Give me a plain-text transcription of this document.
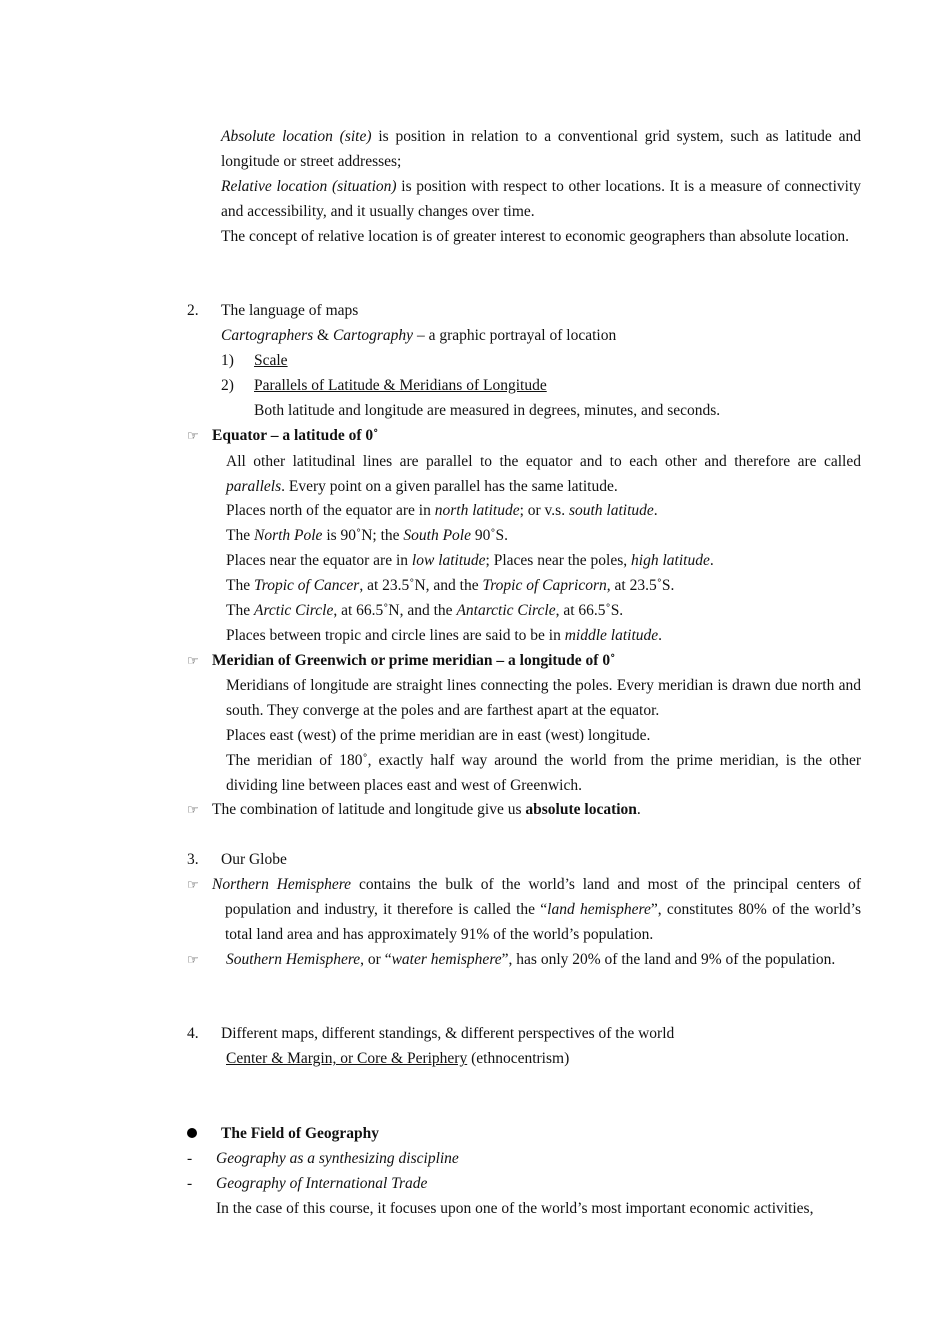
Absolute location (site) is position in relation to a conventional grid system, such as latitude and longitude or street addresses;
Relative location (situation) is position with respect to other locations. It is a measure of connectivity and accessibility, and it usually changes over time.
The concept of relative location is of greater interest to economic geographers than absolute location.
2. The language of maps
Cartographers & Cartography – a graphic portrayal of location
1) Scale
2) Parallels of Latitude & Meridians of Longitude
Both latitude and longitude are measured in degrees, minutes, and seconds.
☞ Equator – a latitude of 0˚
All other latitudinal lines are parallel to the equator and to each other and therefore are called parallels. Every point on a given parallel has the same latitude.
Places north of the equator are in north latitude; or v.s. south latitude.
The North Pole is 90˚N; the South Pole 90˚S.
Places near the equator are in low latitude; Places near the poles, high latitude.
The Tropic of Cancer, at 23.5˚N, and the Tropic of Capricorn, at 23.5˚S.
The Arctic Circle, at 66.5˚N, and the Antarctic Circle, at 66.5˚S.
Places between tropic and circle lines are said to be in middle latitude.
☞ Meridian of Greenwich or prime meridian – a longitude of 0˚
Meridians of longitude are straight lines connecting the poles. Every meridian is drawn due north and south. They converge at the poles and are farthest apart at the equator.
Places east (west) of the prime meridian are in east (west) longitude.
The meridian of 180˚, exactly half way around the world from the prime meridian, is the other dividing line between places east and west of Greenwich.
☞ The combination of latitude and longitude give us absolute location.
3. Our Globe
☞ Northern Hemisphere contains the bulk of the world’s land and most of the principal centers of population and industry, it therefore is called the “land hemisphere”, constitutes 80% of the world’s total land area and has approximately 91% of the world’s population.
☞	Southern Hemisphere, or “water hemisphere”, has only 20% of the land and 9% of the population.
4. Different maps, different standings, & different perspectives of the world
Center & Margin, or Core & Periphery (ethnocentrism)
The Field of Geography
- Geography as a synthesizing discipline
- Geography of International Trade
In the case of this course, it focuses upon one of the world’s most important economic activities,
